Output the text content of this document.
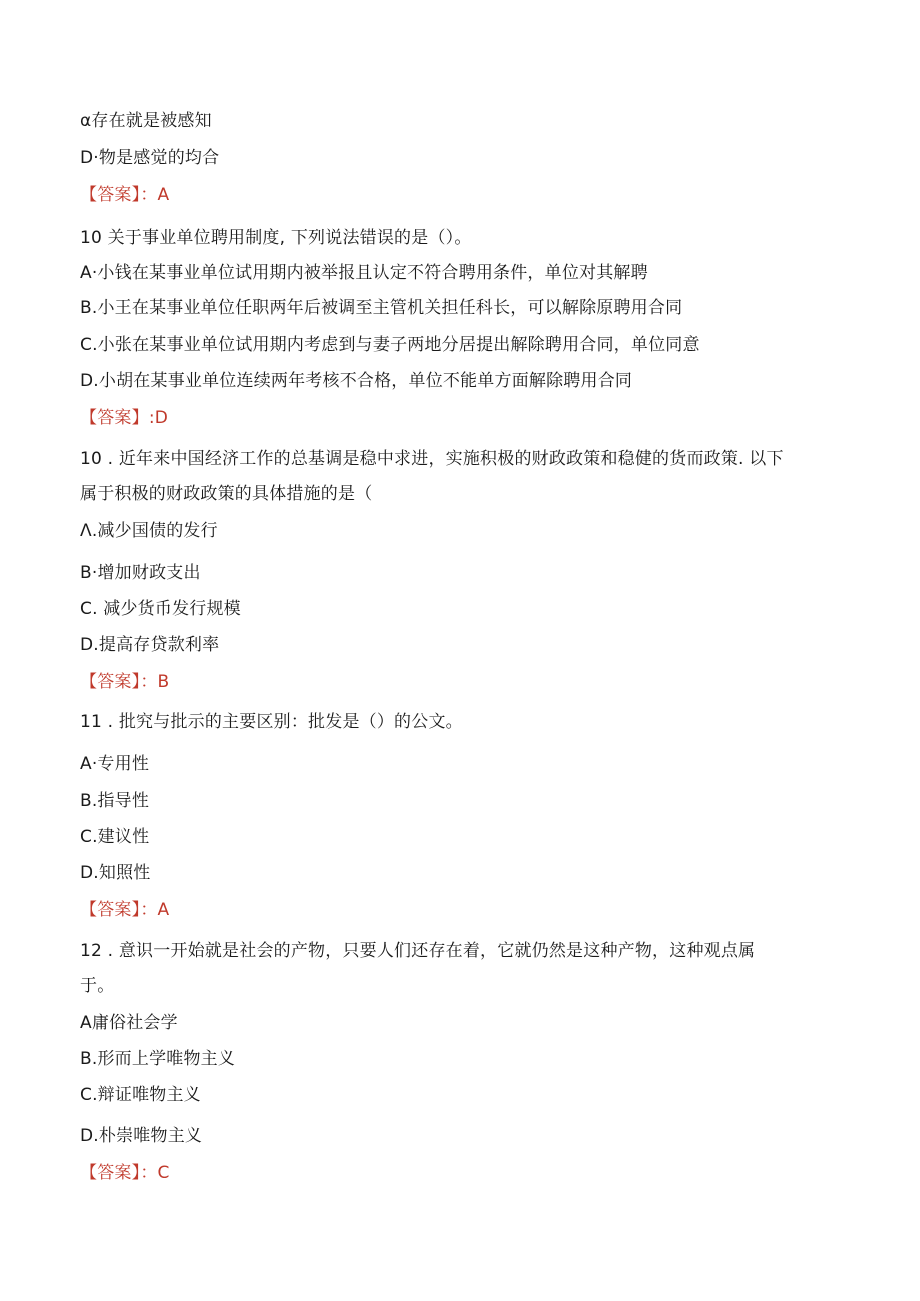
α存在就是被感知
D·物是感觉的均合
【答案】：A
10 关于事业单位聘用制度, 下列说法错误的是（）。
A·小钱在某事业单位试用期内被举报且认定不符合聘用条件，单位对其解聘
B.小王在某事业单位任职两年后被调至主管机关担任科长，可以解除原聘用合同
C.小张在某事业单位试用期内考虑到与妻子两地分居提出解除聘用合同，单位同意
D.小胡在某事业单位连续两年考核不合格，单位不能单方面解除聘用合同
【答案】:D
10 . 近年来中国经济工作的总基调是稳中求进，实施积极的财政政策和稳健的货而政策. 以下
属于积极的财政政策的具体措施的是（
Λ.减少国债的发行
B·增加财政支出
C. 减少货币发行规模
D.提高存贷款利率
【答案】：B
11 . 批究与批示的主要区别：批发是（）的公文。
A·专用性
B.指导性
C.建议性
D.知照性
【答案】：A
12 . 意识一开始就是社会的产物，只要人们还存在着，它就仍然是这种产物，这种观点属
于。
A庸俗社会学
B.形而上学唯物主义
C.辩证唯物主义
D.朴崇唯物主义
【答案】：C
